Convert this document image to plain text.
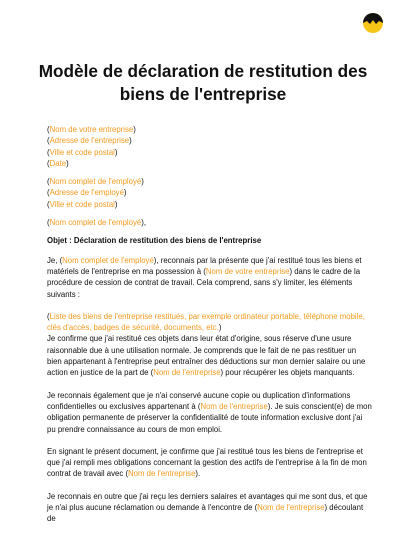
Modèle de déclaration de restitution des
biens de l'entreprise
(Nom de votre entreprise)
(Adresse de l'entreprise)
(Ville et code postal)
(Date)
(Nom complet de l'employé)
(Adresse de l'employé)
(Ville et code postal)
(Nom complet de l'employé),
Objet : Déclaration de restitution des biens de l'entreprise

Je, (Nom complet de l'employé), reconnais par la présente que j'ai restitué tous les biens et matériels de l'entreprise en ma possession à (Nom de votre entreprise) dans le cadre de la procédure de cession de contrat de travail. Cela comprend, sans s'y limiter, les éléments suivants :

(Liste des biens de l'entreprise restitués, par exemple ordinateur portable, téléphone mobile, clés d'accès, badges de sécurité, documents, etc.)
Je confirme que j'ai restitué ces objets dans leur état d'origine, sous réserve d'une usure raisonnable due à une utilisation normale. Je comprends que le fait de ne pas restituer un bien appartenant à l'entreprise peut entraîner des déductions sur mon dernier salaire ou une action en justice de la part de (Nom de l'entreprise) pour récupérer les objets manquants.

Je reconnais également que je n'ai conservé aucune copie ou duplication d'informations confidentielles ou exclusives appartenant à (Nom de l'entreprise). Je suis conscient(e) de mon obligation permanente de préserver la confidentialité de toute information exclusive dont j'ai pu prendre connaissance au cours de mon emploi.

En signant le présent document, je confirme que j'ai restitué tous les biens de l'entreprise et que j'ai rempli mes obligations concernant la gestion des actifs de l'entreprise à la fin de mon contrat de travail avec (Nom de l'entreprise).

Je reconnais en outre que j'ai reçu les derniers salaires et avantages qui me sont dus, et que je n'ai plus aucune réclamation ou demande à l'encontre de (Nom de l'entreprise) découlant de
